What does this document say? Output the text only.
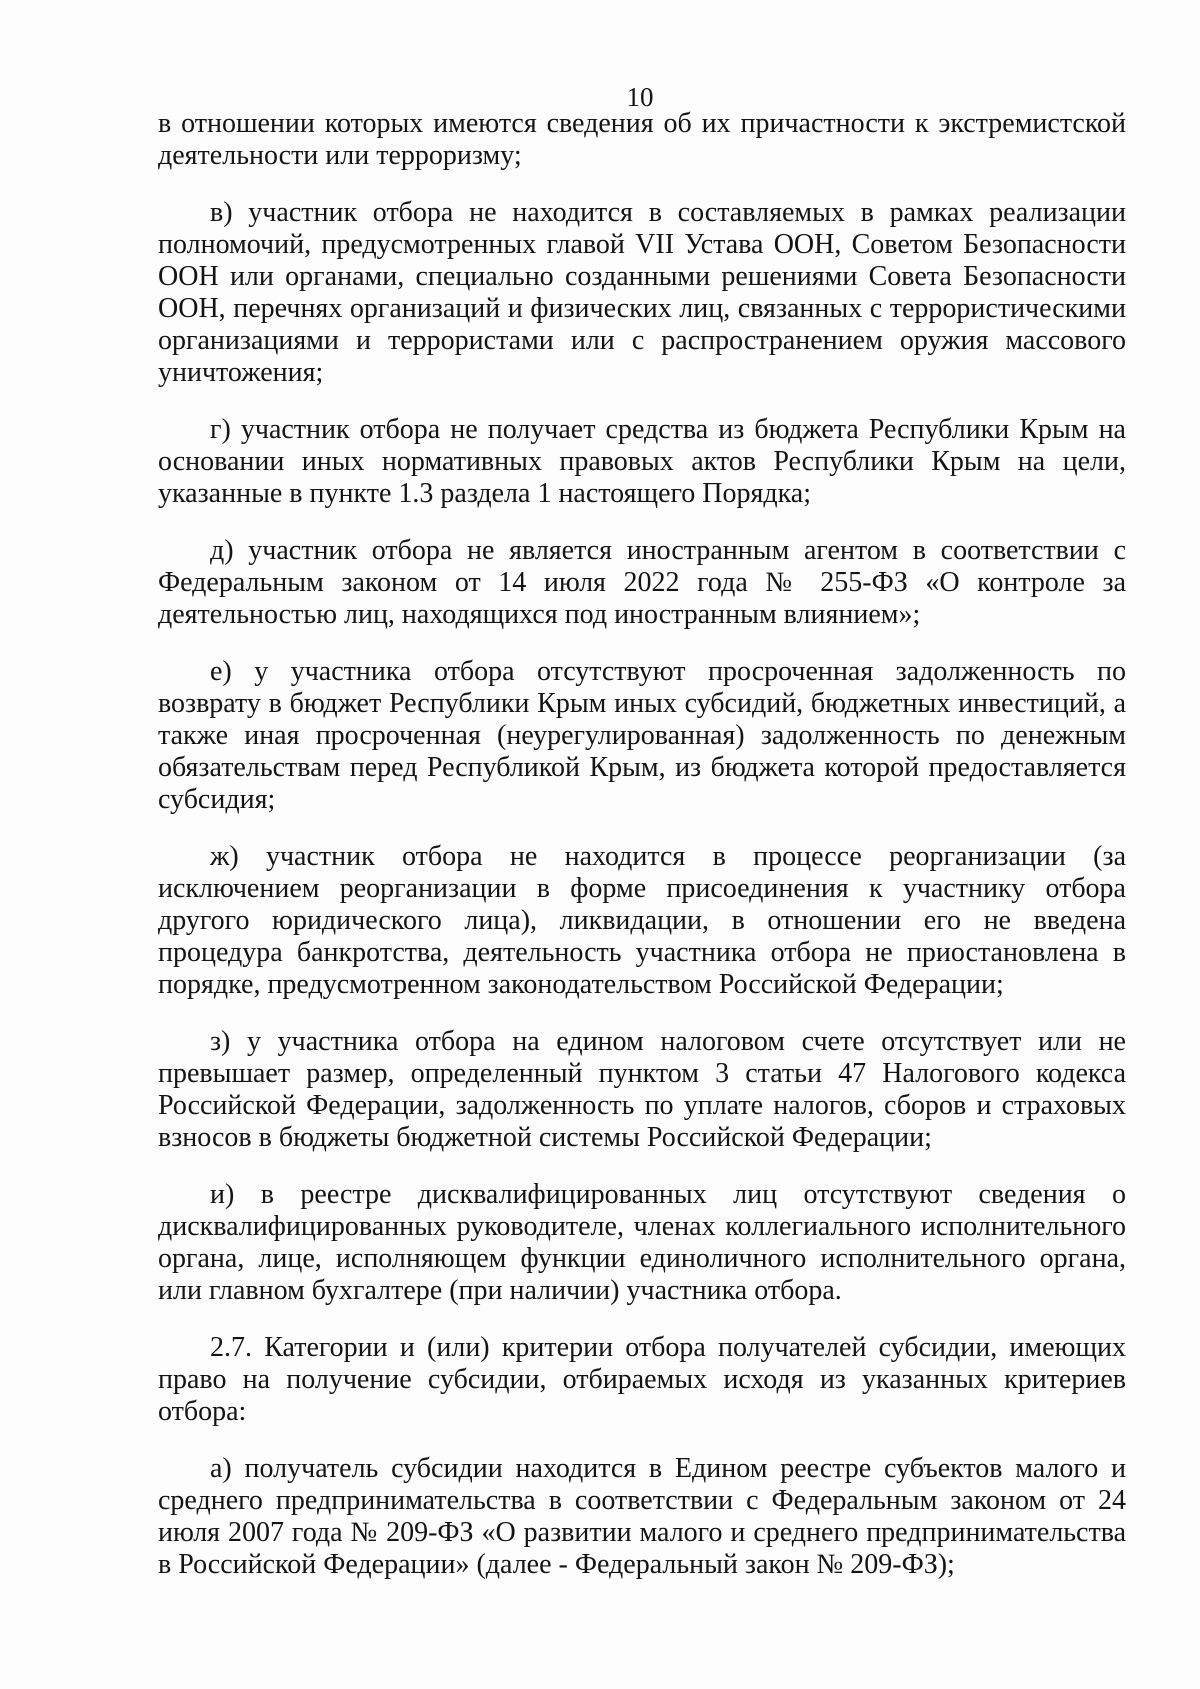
10

в отношении которых имеются сведения об их причастности к экстремистской деятельности или терроризму;

в) участник отбора не находится в составляемых в рамках реализации полномочий, предусмотренных главой VII Устава ООН, Советом Безопасности ООН или органами, специально созданными решениями Совета Безопасности ООН, перечнях организаций и физических лиц, связанных с террористическими организациями и террористами или с распространением оружия массового уничтожения;

г) участник отбора не получает средства из бюджета Республики Крым на основании иных нормативных правовых актов Республики Крым на цели, указанные в пункте 1.3 раздела 1 настоящего Порядка;

д) участник отбора не является иностранным агентом в соответствии с Федеральным законом от 14 июля 2022 года № 255-ФЗ «О контроле за деятельностью лиц, находящихся под иностранным влиянием»;

е) у участника отбора отсутствуют просроченная задолженность по возврату в бюджет Республики Крым иных субсидий, бюджетных инвестиций, а также иная просроченная (неурегулированная) задолженность по денежным обязательствам перед Республикой Крым, из бюджета которой предоставляется субсидия;

ж) участник отбора не находится в процессе реорганизации (за исключением реорганизации в форме присоединения к участнику отбора другого юридического лица), ликвидации, в отношении его не введена процедура банкротства, деятельность участника отбора не приостановлена в порядке, предусмотренном законодательством Российской Федерации;

з) у участника отбора на едином налоговом счете отсутствует или не превышает размер, определенный пунктом 3 статьи 47 Налогового кодекса Российской Федерации, задолженность по уплате налогов, сборов и страховых взносов в бюджеты бюджетной системы Российской Федерации;

и) в реестре дисквалифицированных лиц отсутствуют сведения о дисквалифицированных руководителе, членах коллегиального исполнительного органа, лице, исполняющем функции единоличного исполнительного органа, или главном бухгалтере (при наличии) участника отбора.

2.7. Категории и (или) критерии отбора получателей субсидии, имеющих право на получение субсидии, отбираемых исходя из указанных критериев отбора:

а) получатель субсидии находится в Едином реестре субъектов малого и среднего предпринимательства в соответствии с Федеральным законом от 24 июля 2007 года № 209-ФЗ «О развитии малого и среднего предпринимательства в Российской Федерации» (далее - Федеральный закон № 209-ФЗ);
